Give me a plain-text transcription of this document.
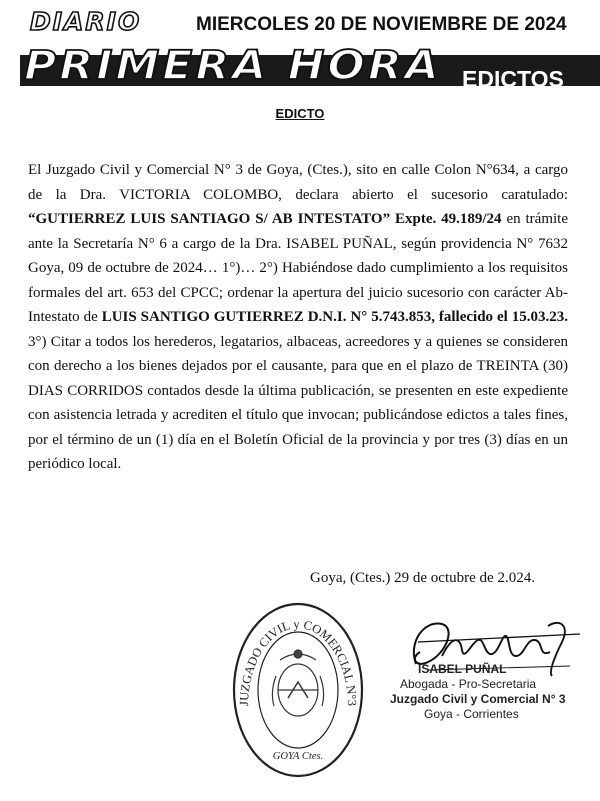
DIARIO	MIERCOLES 20 DE NOVIEMBRE DE 2024
PRIMERA HORA EDICTOS
EDICTO

El Juzgado Civil y Comercial N° 3 de Goya, (Ctes.), sito en calle Colon N°634, a cargo de la Dra. VICTORIA COLOMBO, declara abierto el sucesorio caratulado: “GUTIERREZ LUIS SANTIAGO S/ AB INTESTATO” Expte. 49.189/24 en trámite ante la Secretaría N° 6 a cargo de la Dra. ISABEL PUÑAL, según providencia N° 7632 Goya, 09 de octubre de 2024… 1°)… 2°) Habiéndose dado cumplimiento a los requisitos formales del art. 653 del CPCC; ordenar la apertura del juicio sucesorio con carácter Ab-Intestato de LUIS SANTIGO GUTIERREZ D.N.I. N° 5.743.853, fallecido el 15.03.23. 3°) Citar a todos los herederos, legatarios, albaceas, acreedores y a quienes se consideren con derecho a los bienes dejados por el causante, para que en el plazo de TREINTA (30) DIAS CORRIDOS contados desde la última publicación, se presenten en este expediente con asistencia letrada y acrediten el título que invocan; publicándose edictos a tales fines, por el término de un (1) día en el Boletín Oficial de la provincia y por tres (3) días en un periódico local.

Goya, (Ctes.) 29 de octubre de 2.024.
JUZGADO CIVIL y COMERCIAL N°3
GOYA Ctes.
ISABEL PUÑAL
Abogada - Pro-Secretaria
Juzgado Civil y Comercial N° 3
Goya - Corrientes
